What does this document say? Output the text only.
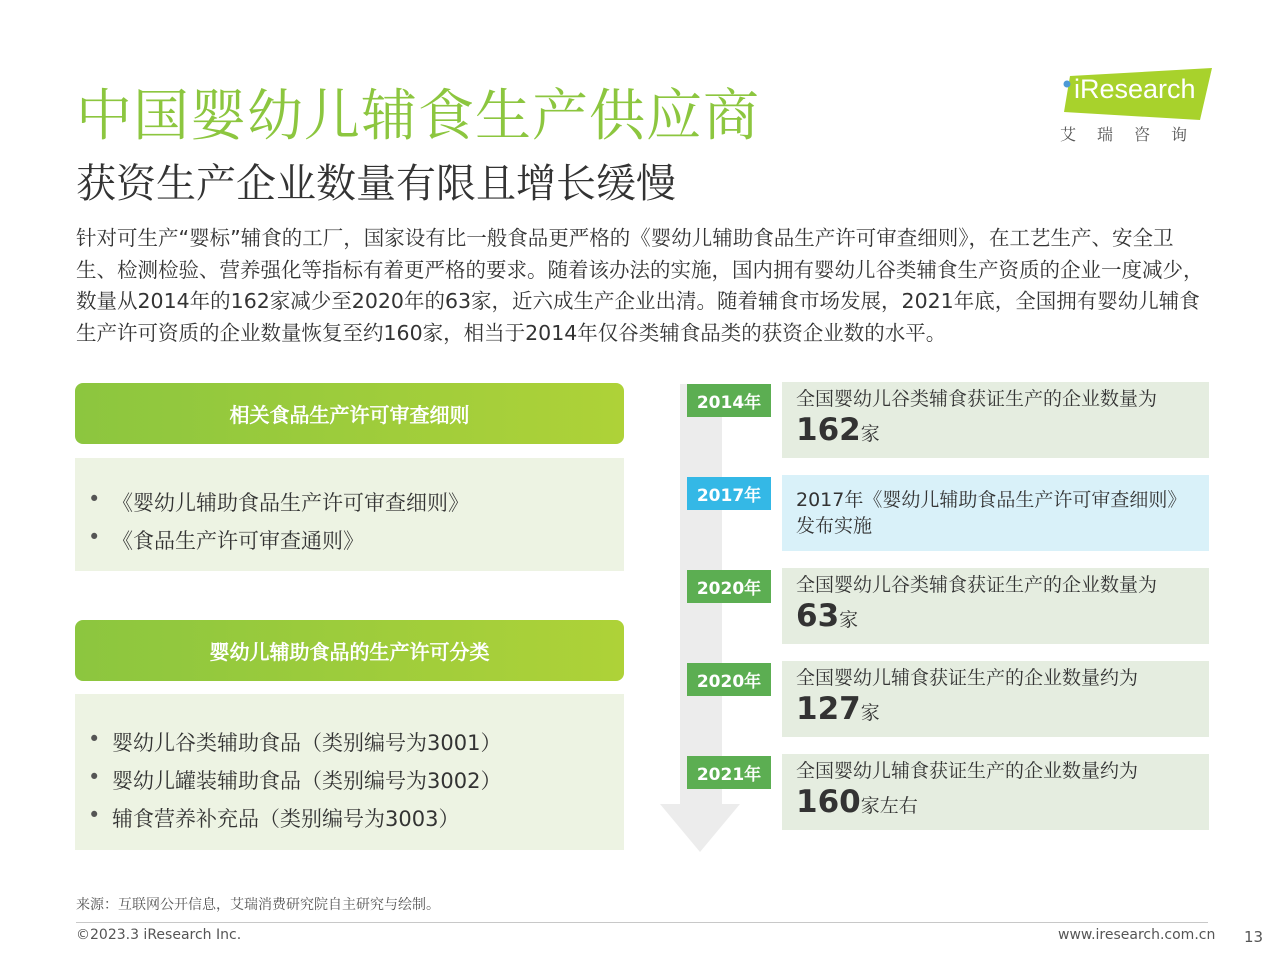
中国婴幼儿辅食生产供应商
获资生产企业数量有限且增长缓慢
iResearch
艾瑞咨询
针对可生产“婴标”辅食的工厂，国家设有比一般食品更严格的《婴幼儿辅助食品生产许可审查细则》，在工艺生产、安全卫生、检测检验、营养强化等指标有着更严格的要求。随着该办法的实施，国内拥有婴幼儿谷类辅食生产资质的企业一度减少，数量从2014年的162家减少至2020年的63家，近六成生产企业出清。随着辅食市场发展，2021年底，全国拥有婴幼儿辅食生产许可资质的企业数量恢复至约160家，相当于2014年仅谷类辅食品类的获资企业数的水平。
相关食品生产许可审查细则
• 《婴幼儿辅助食品生产许可审查细则》
• 《食品生产许可审查通则》
婴幼儿辅助食品的生产许可分类
• 婴幼儿谷类辅助食品（类别编号为3001）
• 婴幼儿罐装辅助食品（类别编号为3002）
• 辅食营养补充品（类别编号为3003）
2014年	全国婴幼儿谷类辅食获证生产的企业数量为
162家
2017年	2017年《婴幼儿辅助食品生产许可审查细则》发布实施
2020年	全国婴幼儿谷类辅食获证生产的企业数量为
63家
2020年	全国婴幼儿辅食获证生产的企业数量约为
127家
2021年	全国婴幼儿辅食获证生产的企业数量约为
160家左右
来源：互联网公开信息，艾瑞消费研究院自主研究与绘制。
©2023.3 iResearch Inc.	www.iresearch.com.cn 13
